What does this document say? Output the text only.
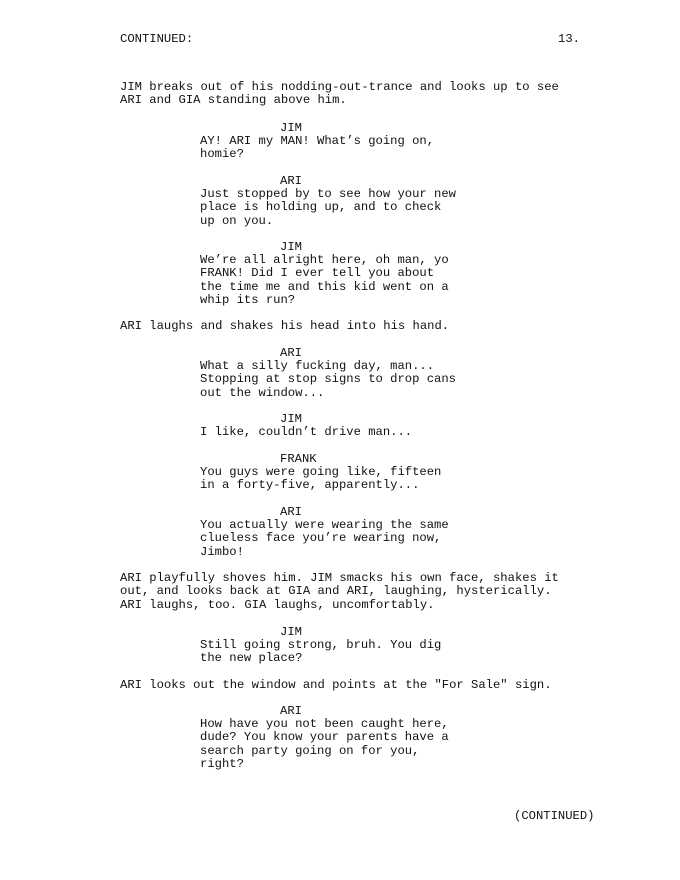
CONTINUED:	13.
JIM breaks out of his nodding-out-trance and looks up to see
ARI and GIA standing above him.
JIM
AY! ARI my MAN! What’s going on,
homie?
ARI
Just stopped by to see how your new
place is holding up, and to check
up on you.
JIM
We’re all alright here, oh man, yo
FRANK! Did I ever tell you about
the time me and this kid went on a
whip its run?
ARI laughs and shakes his head into his hand.
ARI
What a silly fucking day, man...
Stopping at stop signs to drop cans
out the window...
JIM
I like, couldn’t drive man...
FRANK
You guys were going like, fifteen
in a forty-five, apparently...
ARI
You actually were wearing the same
clueless face you’re wearing now,
Jimbo!
ARI playfully shoves him. JIM smacks his own face, shakes it
out, and looks back at GIA and ARI, laughing, hysterically.
ARI laughs, too. GIA laughs, uncomfortably.
JIM
Still going strong, bruh. You dig
the new place?
ARI looks out the window and points at the "For Sale" sign.
ARI
How have you not been caught here,
dude? You know your parents have a
search party going on for you,
right?
(CONTINUED)
